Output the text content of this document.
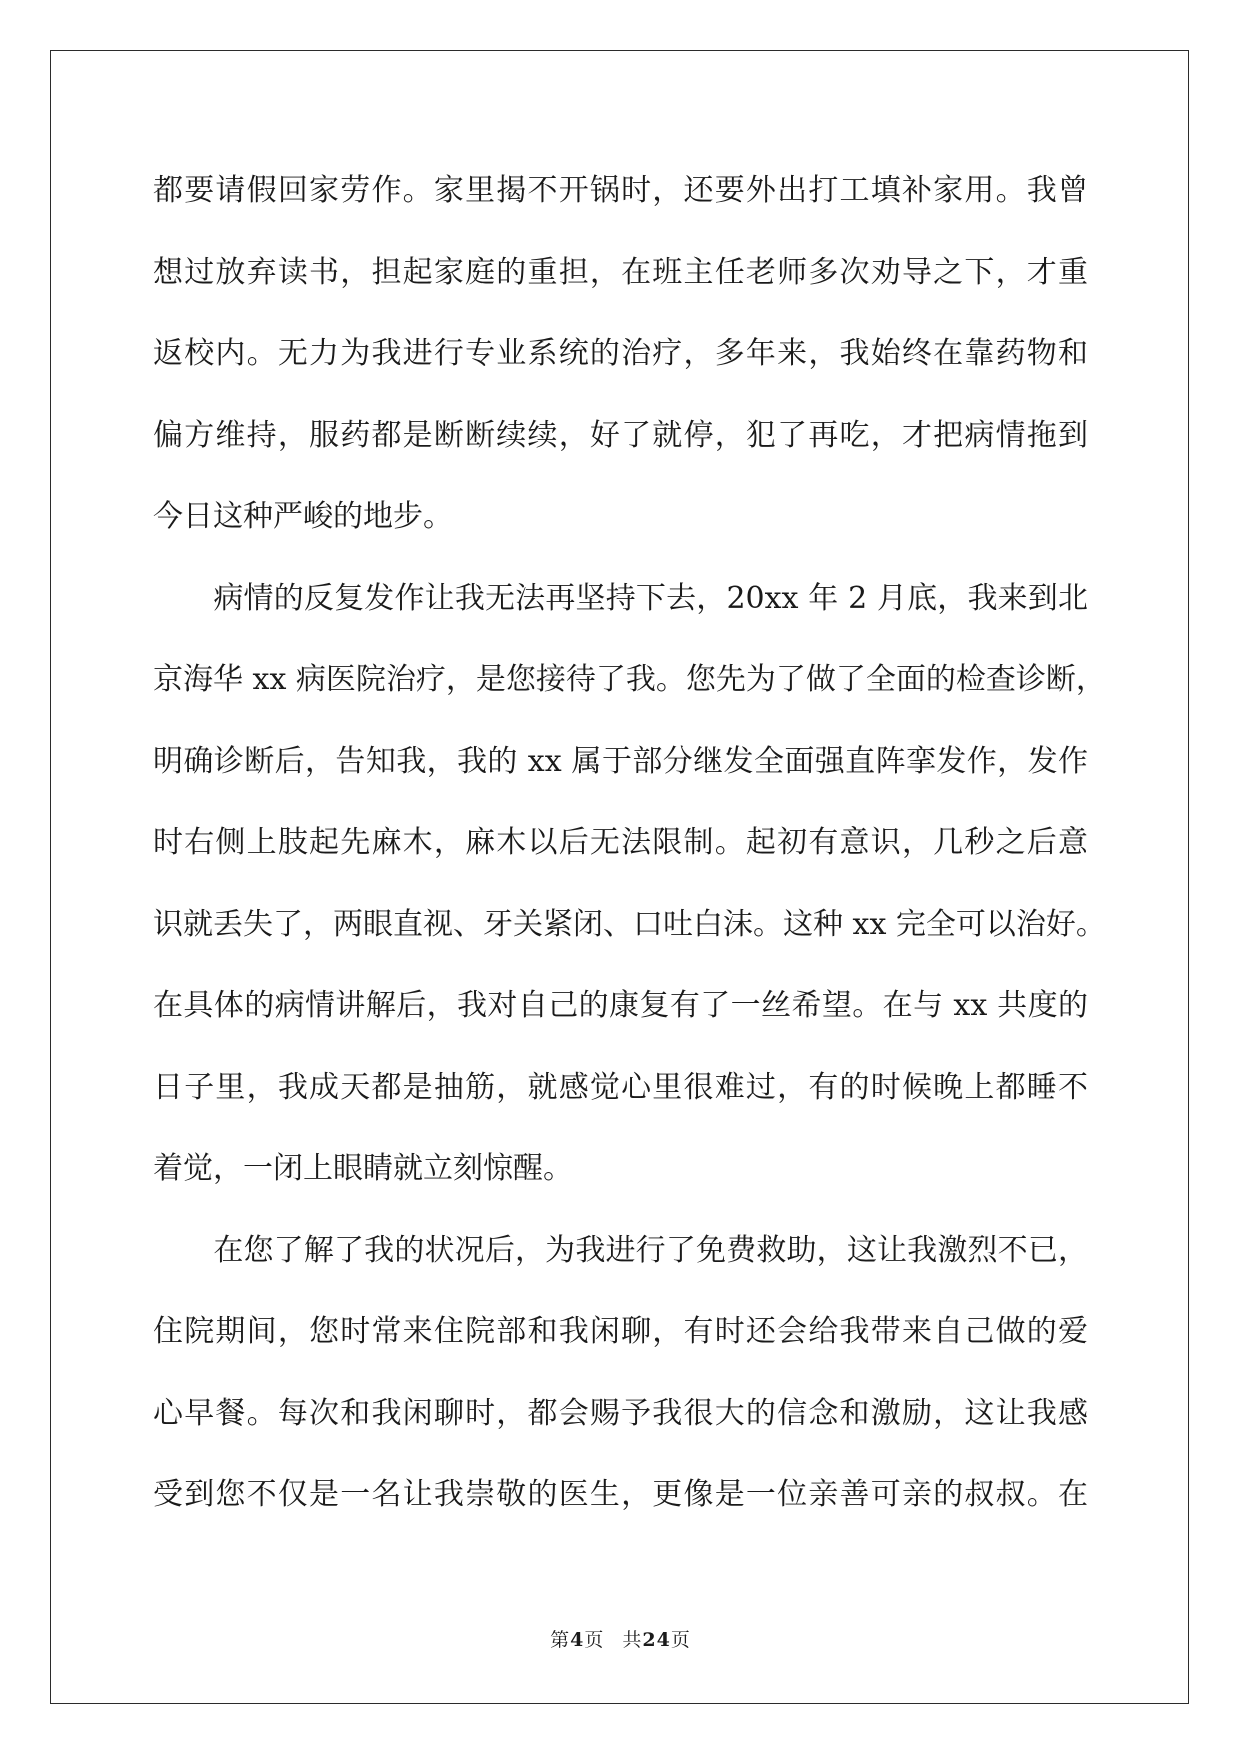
都要请假回家劳作。家里揭不开锅时，还要外出打工填补家用。我曾
想过放弃读书，担起家庭的重担，在班主任老师多次劝导之下，才重
返校内。无力为我进行专业系统的治疗，多年来，我始终在靠药物和
偏方维持，服药都是断断续续，好了就停，犯了再吃，才把病情拖到
今日这种严峻的地步。
　　病情的反复发作让我无法再坚持下去，20xx 年 2 月底，我来到北
京海华 xx 病医院治疗，是您接待了我。您先为了做了全面的检查诊断，
明确诊断后，告知我，我的 xx 属于部分继发全面强直阵挛发作，发作
时右侧上肢起先麻木，麻木以后无法限制。起初有意识，几秒之后意
识就丢失了，两眼直视、牙关紧闭、口吐白沫。这种 xx 完全可以治好。
在具体的病情讲解后，我对自己的康复有了一丝希望。在与 xx 共度的
日子里，我成天都是抽筋，就感觉心里很难过，有的时候晚上都睡不
着觉，一闭上眼睛就立刻惊醒。
　　在您了解了我的状况后，为我进行了免费救助，这让我激烈不已，
住院期间，您时常来住院部和我闲聊，有时还会给我带来自己做的爱
心早餐。每次和我闲聊时，都会赐予我很大的信念和激励，这让我感
受到您不仅是一名让我崇敬的医生，更像是一位亲善可亲的叔叔。在
第4页 共24页
